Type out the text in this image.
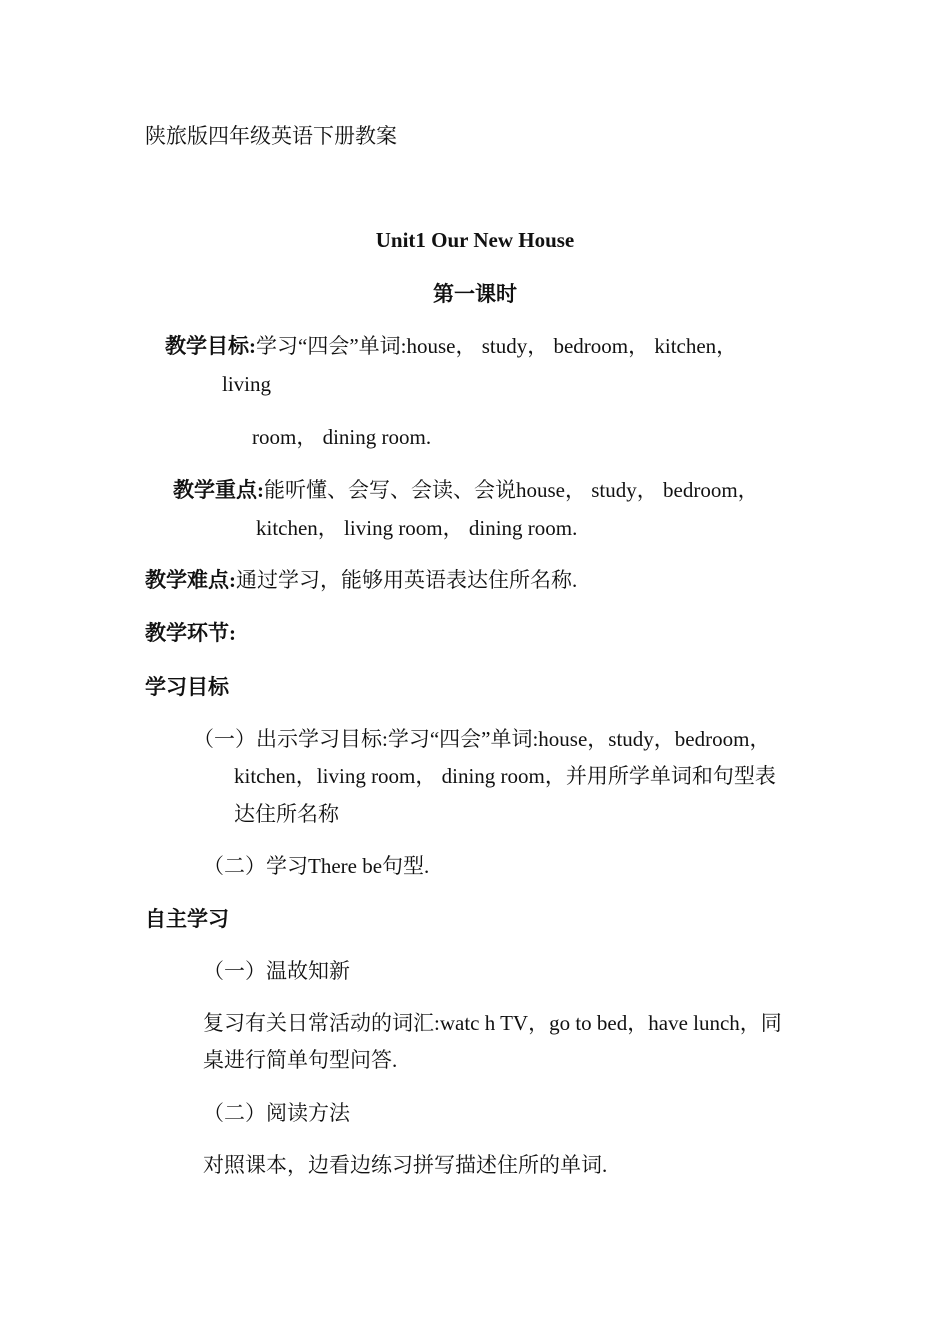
陕旅版四年级英语下册教案
Unit1 Our New House
第一课时
教学目标:学习“四会”单词:house， study， bedroom， kitchen，
living
room， dining room.
教学重点:能听懂、会写、会读、会说house， study， bedroom，
kitchen， living room， dining room.
教学难点:通过学习，能够用英语表达住所名称.
教学环节:
学习目标
（一）出示学习目标:学习“四会”单词:house，study，bedroom，
kitchen，living room， dining room，并用所学单词和句型表
达住所名称
（二）学习There be句型.
自主学习
（一）温故知新
复习有关日常活动的词汇:watc h TV，go to bed，have lunch，同
桌进行简单句型问答.
（二）阅读方法
对照课本，边看边练习拼写描述住所的单词.
